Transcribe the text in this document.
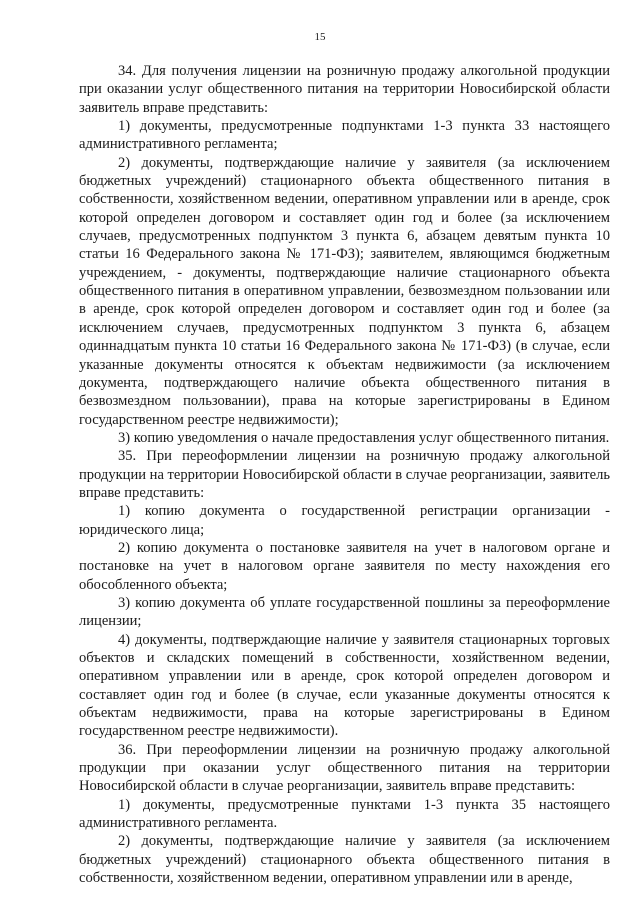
15

34. Для получения лицензии на розничную продажу алкогольной продукции при оказании услуг общественного питания на территории Новосибирской области заявитель вправе представить:

1) документы, предусмотренные подпунктами 1-3 пункта 33 настоящего административного регламента;

2) документы, подтверждающие наличие у заявителя (за исключением бюджетных учреждений) стационарного объекта общественного питания в собственности, хозяйственном ведении, оперативном управлении или в аренде, срок которой определен договором и составляет один год и более (за исключением случаев, предусмотренных подпунктом 3 пункта 6, абзацем девятым пункта 10 статьи 16 Федерального закона № 171-ФЗ); заявителем, являющимся бюджетным учреждением, - документы, подтверждающие наличие стационарного объекта общественного питания в оперативном управлении, безвозмездном пользовании или в аренде, срок которой определен договором и составляет один год и более (за исключением случаев, предусмотренных подпунктом 3 пункта 6, абзацем одиннадцатым пункта 10 статьи 16 Федерального закона № 171-ФЗ) (в случае, если указанные документы относятся к объектам недвижимости (за исключением документа, подтверждающего наличие объекта общественного питания в безвозмездном пользовании), права на которые зарегистрированы в Едином государственном реестре недвижимости);

3) копию уведомления о начале предоставления услуг общественного питания.

35. При переоформлении лицензии на розничную продажу алкогольной продукции на территории Новосибирской области в случае реорганизации, заявитель вправе представить:

1) копию документа о государственной регистрации организации - юридического лица;

2) копию документа о постановке заявителя на учет в налоговом органе и постановке на учет в налоговом органе заявителя по месту нахождения его обособленного объекта;

3) копию документа об уплате государственной пошлины за переоформление лицензии;

4) документы, подтверждающие наличие у заявителя стационарных торговых объектов и складских помещений в собственности, хозяйственном ведении, оперативном управлении или в аренде, срок которой определен договором и составляет один год и более (в случае, если указанные документы относятся к объектам недвижимости, права на которые зарегистрированы в Едином государственном реестре недвижимости).

36. При переоформлении лицензии на розничную продажу алкогольной продукции при оказании услуг общественного питания на территории Новосибирской области в случае реорганизации, заявитель вправе представить:

1) документы, предусмотренные пунктами 1-3 пункта 35 настоящего административного регламента.

2) документы, подтверждающие наличие у заявителя (за исключением бюджетных учреждений) стационарного объекта общественного питания в собственности, хозяйственном ведении, оперативном управлении или в аренде,
